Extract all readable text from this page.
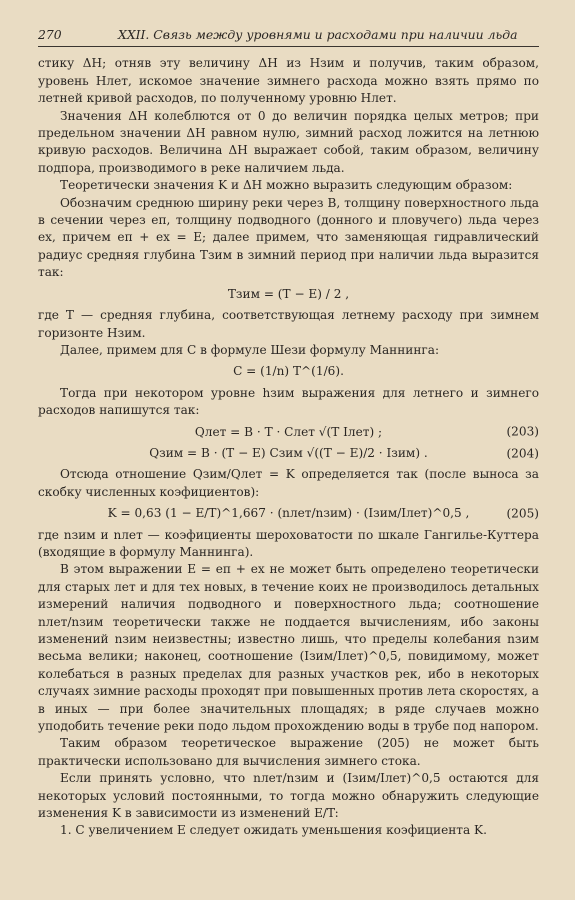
270	XXII. Связь между уровнями и расходами при наличии льда

стику ΔH; отняв эту величину ΔH из Hзим и получив, таким образом, уровень Hлет, искомое значение зимнего расхода можно взять прямо по летней кривой расходов, по полученному уровню Hлет.

Значения ΔH колеблются от 0 до величин порядка целых метров; при предельном значении ΔH равном нулю, зимний расход ложится на летнюю кривую расходов. Величина ΔH выражает собой, таким образом, величину подпора, производимого в реке наличием льда.

Теоретически значения K и ΔH можно выразить следующим образом:

Обозначим среднюю ширину реки через B, толщину поверхностного льда в сечении через eп, толщину подводного (донного и пловучего) льда через eх, причем eп + eх = E; далее примем, что заменяющая гидравлический радиус средняя глубина Tзим в зимний период при наличии льда выразится так:

Tзим = (T − E) / 2 ,

где T — средняя глубина, соответствующая летнему расходу при зимнем горизонте Hзим.

Далее, примем для C в формуле Шези формулу Маннинга:

C = (1/n) T^(1/6).

Тогда при некотором уровне hзим выражения для летнего и зимнего расходов напишутся так:

Qлет = B · T · Cлет √(T Iлет) ;	(203)
Qзим = B · (T − E) Cзим √((T − E)/2 · Iзим) .	(204)

Отсюда отношение Qзим/Qлет = K определяется так (после выноса за скобку численных коэфициентов):

K = 0,63 (1 − E/T)^1,667 · (nлет/nзим) · (Iзим/Iлет)^0,5 ,	(205)

где nзим и nлет — коэфициенты шероховатости по шкале Гангилье-Куттера (входящие в формулу Маннинга).

В этом выражении E = eп + eх не может быть определено теоретически для старых лет и для тех новых, в течение коих не производилось детальных измерений наличия подводного и поверхностного льда; соотношение nлет/nзим теоретически также не поддается вычислениям, ибо законы изменений nзим неизвестны; известно лишь, что пределы колебания nзим весьма велики; наконец, соотношение (Iзим/Iлет)^0,5, повидимому, может колебаться в разных пределах для разных участков рек, ибо в некоторых случаях зимние расходы проходят при повышенных против лета скоростях, а в иных — при более значительных площадях; в ряде случаев можно уподобить течение реки подо льдом прохождению воды в трубе под напором.

Таким образом теоретическое выражение (205) не может быть практически использовано для вычисления зимнего стока.

Если принять условно, что nлет/nзим и (Iзим/Iлет)^0,5 остаются для некоторых условий постоянными, то тогда можно обнаружить следующие изменения K в зависимости из изменений E/T:

1. С увеличением E следует ожидать уменьшения коэфициента K.
